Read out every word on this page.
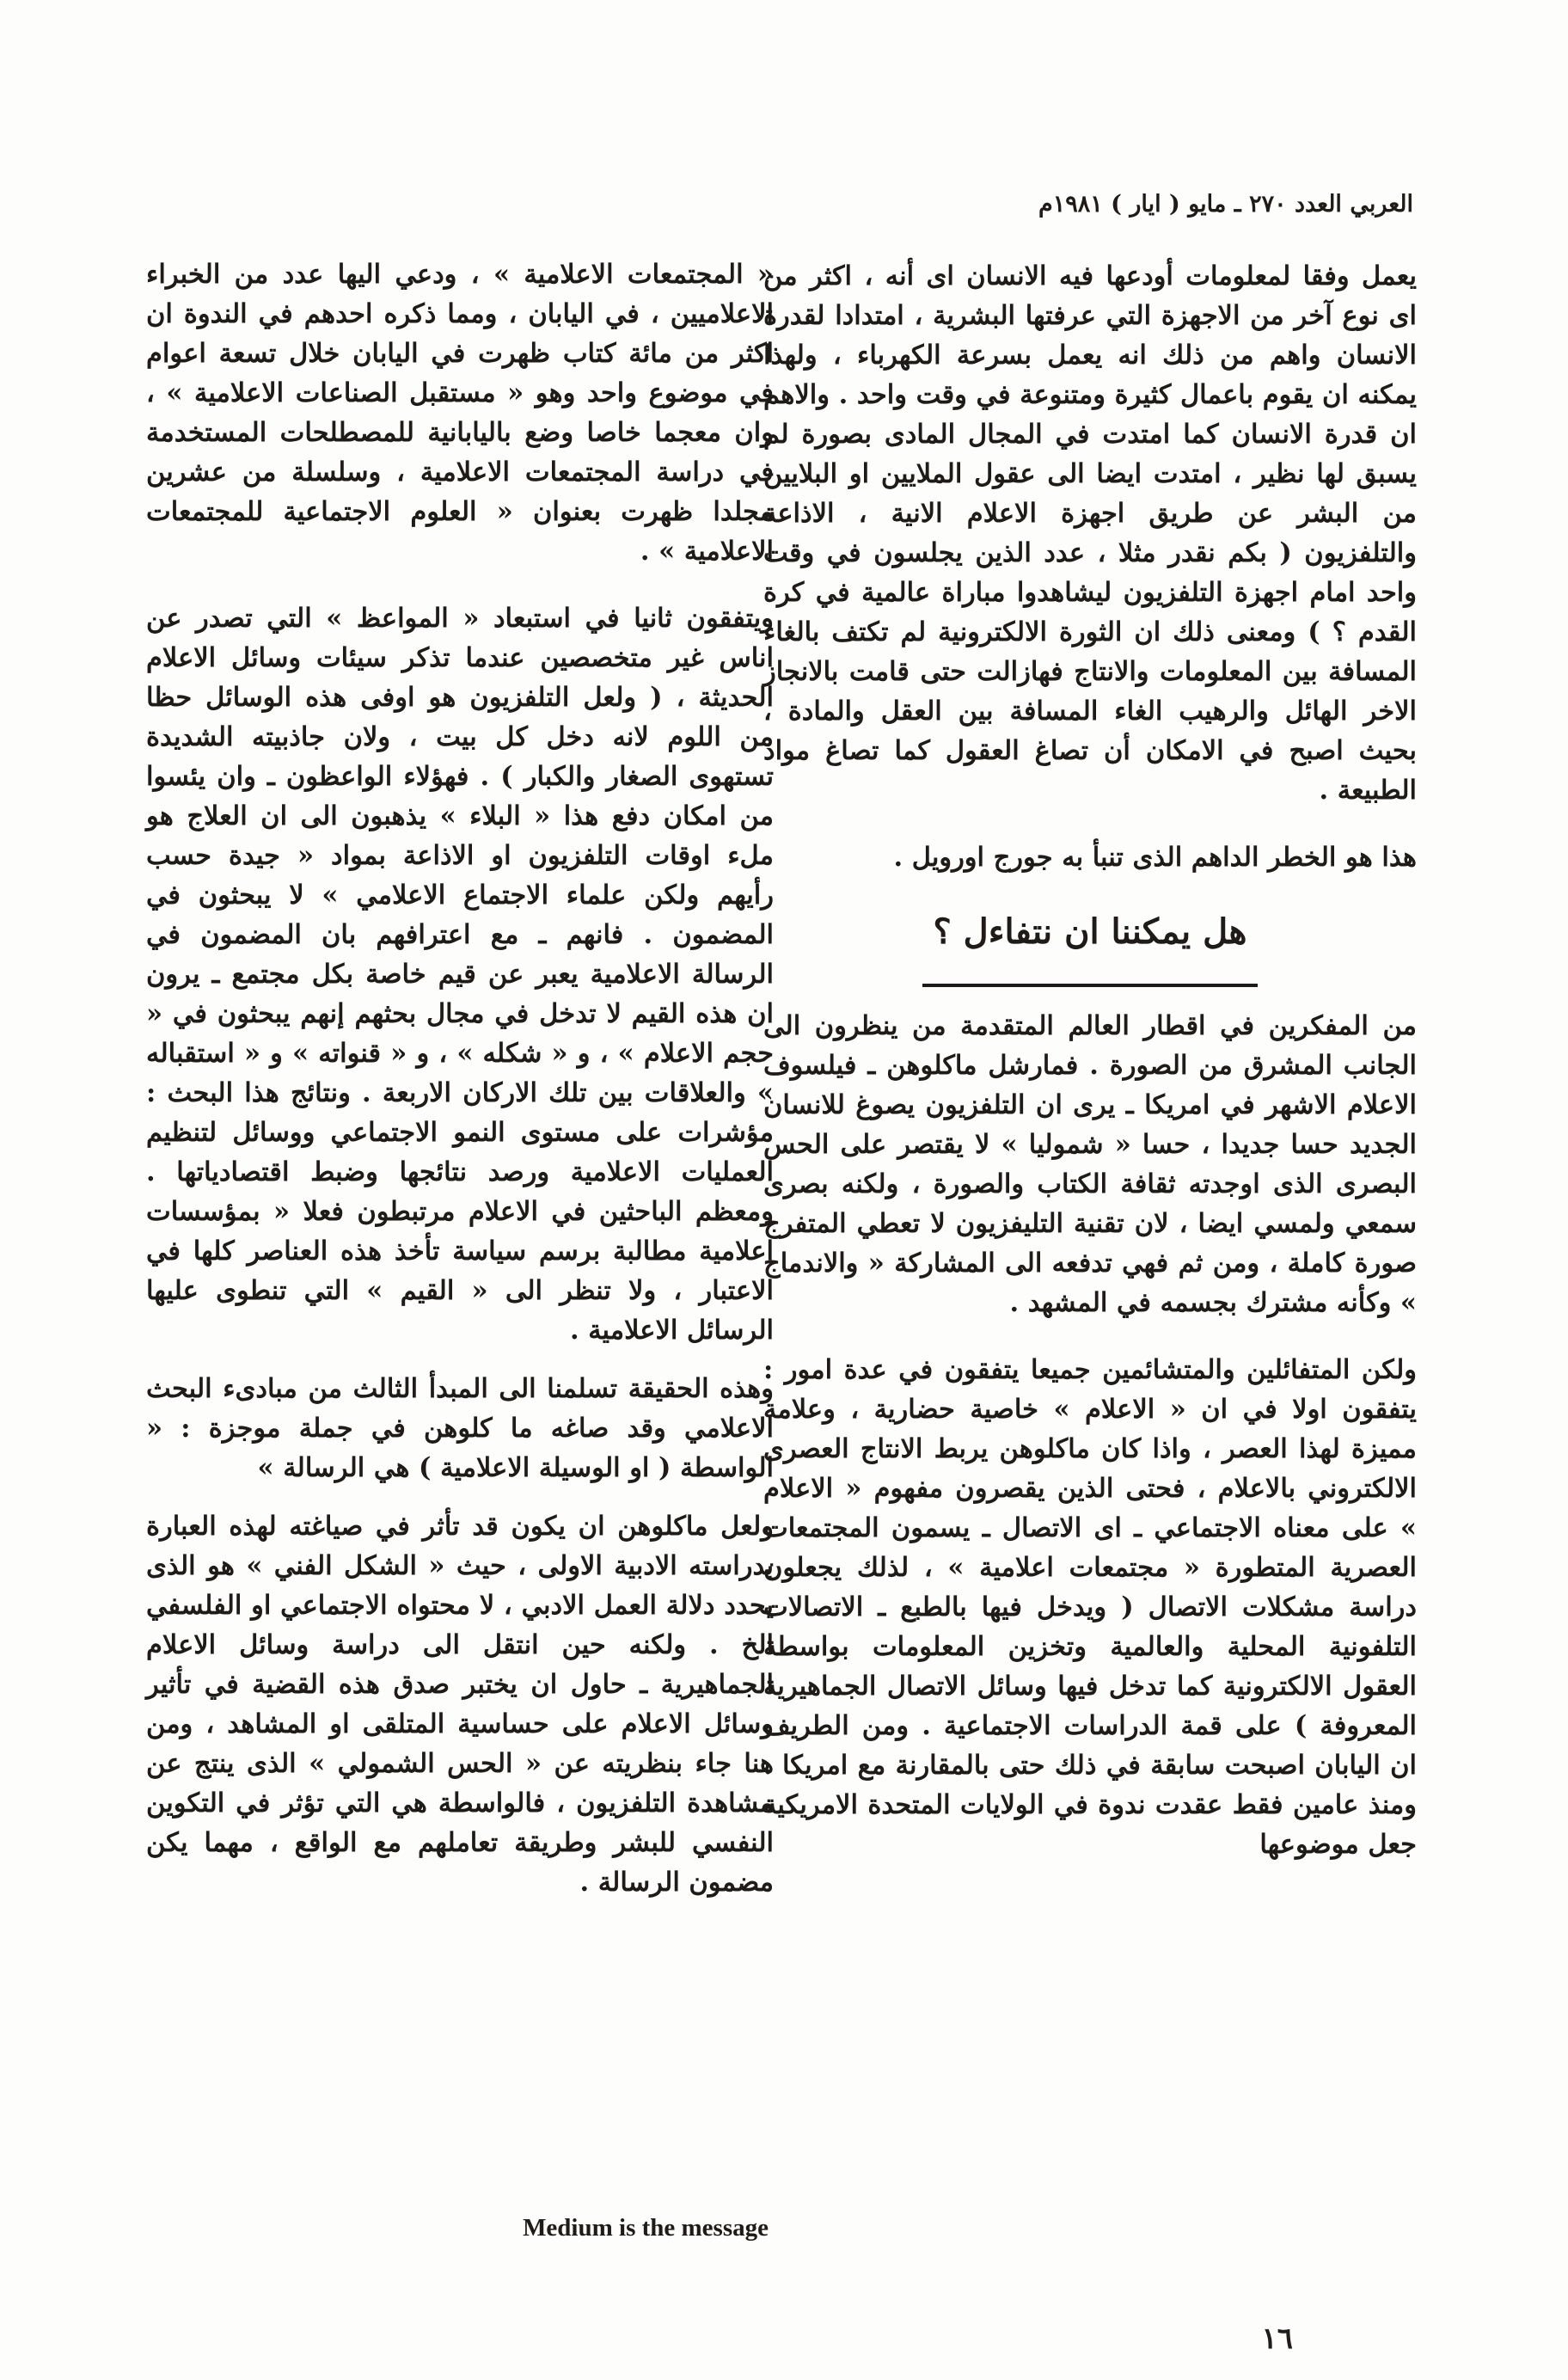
العربي العدد ٢٧٠ ـ مايو ( ايار ) ١٩٨١م

يعمل وفقا لمعلومات أودعها فيه الانسان اى أنه ، اكثر من اى نوع آخر من الاجهزة التي عرفتها البشرية ، امتدادا لقدرة الانسان واهم من ذلك انه يعمل بسرعة الكهرباء ، ولهذا يمكنه ان يقوم باعمال كثيرة ومتنوعة في وقت واحد . والاهم ان قدرة الانسان كما امتدت في المجال المادى بصورة لم يسبق لها نظير ، امتدت ايضا الى عقول الملايين او البلايين من البشر عن طريق اجهزة الاعلام الانية ، الاذاعة والتلفزيون ( بكم نقدر مثلا ، عدد الذين يجلسون في وقت واحد امام اجهزة التلفزيون ليشاهدوا مباراة عالمية في كرة القدم ؟ ) ومعنى ذلك ان الثورة الالكترونية لم تكتف بالغاء المسافة بين المعلومات والانتاج فهازالت حتى قامت بالانجاز الاخر الهائل والرهيب الغاء المسافة بين العقل والمادة ، بحيث اصبح في الامكان أن تصاغ العقول كما تصاغ مواد الطبيعة .

هذا هو الخطر الداهم الذى تنبأ به جورج اورويل .

هل يمكننا ان نتفاءل ؟

من المفكرين في اقطار العالم المتقدمة من ينظرون الى الجانب المشرق من الصورة . فمارشل ماكلوهن ـ فيلسوف الاعلام الاشهر في امريكا ـ يرى ان التلفزيون يصوغ للانسان الجديد حسا جديدا ، حسا « شموليا » لا يقتصر على الحس البصرى الذى اوجدته ثقافة الكتاب والصورة ، ولكنه بصرى سمعي ولمسي ايضا ، لان تقنية التليفزيون لا تعطي المتفرج صورة كاملة ، ومن ثم فهي تدفعه الى المشاركة « والاندماج » وكأنه مشترك بجسمه في المشهد .

ولكن المتفائلين والمتشائمين جميعا يتفقون في عدة امور : يتفقون اولا في ان « الاعلام » خاصية حضارية ، وعلامة مميزة لهذا العصر ، واذا كان ماكلوهن يربط الانتاج العصرى الالكتروني بالاعلام ، فحتى الذين يقصرون مفهوم « الاعلام » على معناه الاجتماعي ـ اى الاتصال ـ يسمون المجتمعات العصرية المتطورة « مجتمعات اعلامية » ، لذلك يجعلون دراسة مشكلات الاتصال ( ويدخل فيها بالطبع ـ الاتصالات التلفونية المحلية والعالمية وتخزين المعلومات بواسطة العقول الالكترونية كما تدخل فيها وسائل الاتصال الجماهيرية المعروفة ) على قمة الدراسات الاجتماعية . ومن الطريف ان اليابان اصبحت سابقة في ذلك حتى بالمقارنة مع امريكا . ومنذ عامين فقط عقدت ندوة في الولايات المتحدة الامريكية جعل موضوعها

« المجتمعات الاعلامية » ، ودعي اليها عدد من الخبراء الاعلاميين ، في اليابان ، ومما ذكره احدهم في الندوة ان اكثر من مائة كتاب ظهرت في اليابان خلال تسعة اعوام في موضوع واحد وهو « مستقبل الصناعات الاعلامية » ، وان معجما خاصا وضع باليابانية للمصطلحات المستخدمة في دراسة المجتمعات الاعلامية ، وسلسلة من عشرين مجلدا ظهرت بعنوان « العلوم الاجتماعية للمجتمعات الاعلامية » .

ويتفقون ثانيا في استبعاد « المواعظ » التي تصدر عن اناس غير متخصصين عندما تذكر سيئات وسائل الاعلام الحديثة ، ( ولعل التلفزيون هو اوفى هذه الوسائل حظا من اللوم لانه دخل كل بيت ، ولان جاذبيته الشديدة تستهوى الصغار والكبار ) . فهؤلاء الواعظون ـ وان يئسوا من امكان دفع هذا « البلاء » يذهبون الى ان العلاج هو ملء اوقات التلفزيون او الاذاعة بمواد « جيدة حسب رأيهم ولكن علماء الاجتماع الاعلامي » لا يبحثون في المضمون . فانهم ـ مع اعترافهم بان المضمون في الرسالة الاعلامية يعبر عن قيم خاصة بكل مجتمع ـ يرون ان هذه القيم لا تدخل في مجال بحثهم إنهم يبحثون في « حجم الاعلام » ، و « شكله » ، و « قنواته » و « استقباله » والعلاقات بين تلك الاركان الاربعة . ونتائج هذا البحث : مؤشرات على مستوى النمو الاجتماعي ووسائل لتنظيم العمليات الاعلامية ورصد نتائجها وضبط اقتصادياتها . ومعظم الباحثين في الاعلام مرتبطون فعلا « بمؤسسات اعلامية مطالبة برسم سياسة تأخذ هذه العناصر كلها في الاعتبار ، ولا تنظر الى « القيم » التي تنطوى عليها الرسائل الاعلامية .

وهذه الحقيقة تسلمنا الى المبدأ الثالث من مبادىء البحث الاعلامي وقد صاغه ما كلوهن في جملة موجزة : « الواسطة ( او الوسيلة الاعلامية ) هي الرسالة »

ولعل ماكلوهن ان يكون قد تأثر في صياغته لهذه العبارة بدراسته الادبية الاولى ، حيث « الشكل الفني » هو الذى يحدد دلالة العمل الادبي ، لا محتواه الاجتماعي او الفلسفي الخ . ولكنه حين انتقل الى دراسة وسائل الاعلام الجماهيرية ـ حاول ان يختبر صدق هذه القضية في تأثير وسائل الاعلام على حساسية المتلقى او المشاهد ، ومن هنا جاء بنظريته عن « الحس الشمولي » الذى ينتج عن مشاهدة التلفزيون ، فالواسطة هي التي تؤثر في التكوين النفسي للبشر وطريقة تعاملهم مع الواقع ، مهما يكن مضمون الرسالة .

Medium is the message
١٦
